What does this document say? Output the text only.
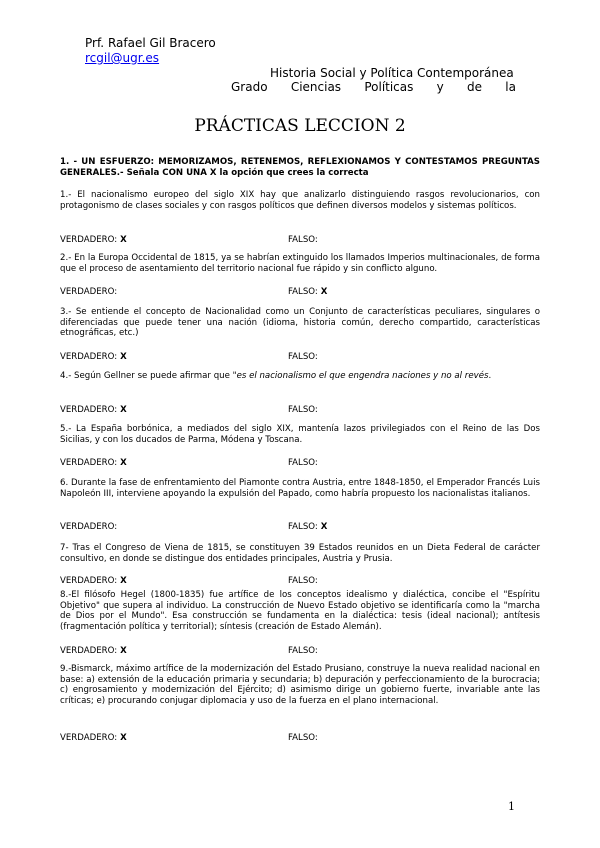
Prf. Rafael Gil Bracero
rcgil@ugr.es
Historia Social y Política Contemporánea
Grado Ciencias Políticas y de la
PRÁCTICAS LECCION 2
1. - UN ESFUERZO: MEMORIZAMOS, RETENEMOS, REFLEXIONAMOS Y CONTESTAMOS PREGUNTAS GENERALES.- Señala CON UNA X la opción que crees la correcta
1.- El nacionalismo europeo del siglo XIX hay que analizarlo distinguiendo rasgos revolucionarios, con protagonismo de clases sociales y con rasgos políticos que definen diversos modelos y sistemas políticos.
VERDADERO: X	FALSO:
2.- En la Europa Occidental de 1815, ya se habrían extinguido los llamados Imperios multinacionales, de forma que el proceso de asentamiento del territorio nacional fue rápido y sin conflicto alguno.
VERDADERO:	FALSO: X
3.- Se entiende el concepto de Nacionalidad como un Conjunto de características peculiares, singulares o diferenciadas que puede tener una nación (idioma, historia común, derecho compartido, características etnográficas, etc.)
VERDADERO: X	FALSO:
4.- Según Gellner se puede afirmar que "es el nacionalismo el que engendra naciones y no al revés.
VERDADERO: X	FALSO:
5.- La España borbónica, a mediados del siglo XIX, mantenía lazos privilegiados con el Reino de las Dos Sicilias, y con los ducados de Parma, Módena y Toscana.
VERDADERO: X	FALSO:
6. Durante la fase de enfrentamiento del Piamonte contra Austria, entre 1848-1850, el Emperador Francés Luis Napoleón III, interviene apoyando la expulsión del Papado, como habría propuesto los nacionalistas italianos.
VERDADERO:	FALSO: X
7- Tras el Congreso de Viena de 1815, se constituyen 39 Estados reunidos en un Dieta Federal de carácter consultivo, en donde se distingue dos entidades principales, Austria y Prusia.
VERDADERO: X	FALSO:
8.-El filósofo Hegel (1800-1835) fue artífice de los conceptos idealismo y dialéctica, concibe el "Espíritu Objetivo" que supera al individuo. La construcción de Nuevo Estado objetivo se identificaría como la "marcha de Dios por el Mundo". Esa construcción se fundamenta en la dialéctica: tesis (ideal nacional); antítesis (fragmentación política y territorial); síntesis (creación de Estado Alemán).
VERDADERO: X	FALSO:
9.-Bismarck, máximo artífice de la modernización del Estado Prusiano, construye la nueva realidad nacional en base: a) extensión de la educación primaria y secundaria; b) depuración y perfeccionamiento de la burocracia; c) engrosamiento y modernización del Ejército; d) asimismo dirige un gobierno fuerte, invariable ante las críticas; e) procurando conjugar diplomacia y uso de la fuerza en el plano internacional.
VERDADERO: X	FALSO:
1
